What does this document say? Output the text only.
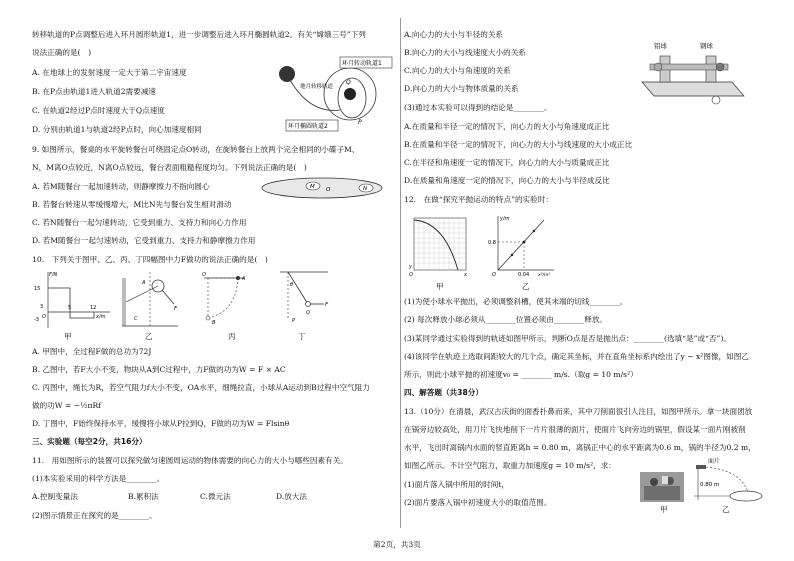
转移轨道的P点调整后进入环月圆形轨道1，进一步调整后进入环月椭圆轨道2。有关“嫦娥三号”下列
说法正确的是(　)
A. 在地球上的发射速度一定大于第二宇宙速度
B. 在P点由轨道1进入轨道2需要减速
C. 在轨道2经过P点时速度大于Q点速度
D. 分别由轨道1与轨道2经P点时，向心加速度相同
环月转动轨道1
地月转移轨道
环月椭圆轨道2
Q
P
9. 如图所示，餐桌的水平旋转餐台可绕固定点O转动，在旋转餐台上放两个完全相同的小碟子M、
N，M离O点较近，N离O点较远，餐台表面粗糙程度均匀。下列说法正确的是(　)
A. 若M随餐台一起加速转动，则静摩擦力不指向圆心
B. 若餐台转速从零缓慢增大，M比N先与餐台发生相对滑动
C. 若N随餐台一起匀速转动，它受到重力、支持力和向心力作用
D. 若M随餐台一起匀速转动，它受到重力、支持力和静摩擦力作用
M O	N
10.　下列关于图甲、乙、丙、丁四幅图中力F做功的说法正确的是(　)
F/N
15
3
-3
5	12
x/m
O
甲
F
A
C
乙
O
A
B
丙
F
θ
P
Q
丁
A. 甲图中，全过程F做的总功为72J
B. 乙图中，若F大小不变，物块从A到C过程中，力F做的功为W = F × AC
C. 丙图中，绳长为R，若空气阻力f大小不变，OA水平，细绳拉直，小球从A运动到B过程中空气阻力
做的功W = −½πRf
D. 丁图中，F始终保持水平，缓慢将小球从P拉到Q，F做的功为W = Flsinθ
三、实验题（每空2分，共16分）
11.　用如图所示的装置可以探究做匀速圆周运动的物体需要的向心力的大小与哪些因素有关。
(1)本实验采用的科学方法是________。
A.控制变量法	B.累积法	C.微元法	D.放大法
(2)图示情景正在探究的是________。
A.向心力的大小与半径的关系
B.向心力的大小与线速度大小的关系
C.向心力的大小与角速度的关系
D.向心力的大小与物体质量的关系
铝球	钢球
(3)通过本实验可以得到的结论是________。
A.在质量和半径一定的情况下，向心力的大小与角速度成正比
B.在质量和半径一定的情况下，向心力的大小与线速度的大小成正比
C.在半径和角速度一定的情况下，向心力的大小与质量成正比
D.在质量和角速度一定的情况下，向心力的大小与半径成反比
12.　在做“探究平抛运动的特点”的实验时：
O	x
y
甲
y/m
0.8
0.04 x²/m²
O
乙
(1)为使小球水平抛出，必须调整斜槽，使其末端的切线________。
(2) 每次释放小球必须从________位置必须由________释放。
(3)某同学通过实验得到的轨迹如图甲所示，判断O点是否是抛出点：________(选填“是”或“否”)。
(4)该同学在轨迹上选取间距较大的几个点，确定其坐标，并在直角坐标系内绘出了y − x²图像，如图乙
所示，则此小球平抛的初速度v₀ = ________ m/s.（取g = 10 m/s²）
四、解答题（共38分）
13.（10分）在清晨，武汉古庆街的面香扑鼻而来，其中刀削面很引人注目，如图甲所示。拿一块面团放
在锅旁边较高处，用刀片飞快地削下一片片很薄的面片，使面片飞向旁边的锅里，假设某一面片刚被削
水平，飞出时离锅内水面的竖直距离h = 0.80 m，离锅正中心的水平距离为0.6 m，锅的半径为0.2 m，
如图乙所示。不计空气阻力，取重力加速度g = 10 m/s²，求：
(1)面片落入锅中所用的时间t，
(2)面片要落入锅中初速度大小的取值范围。
甲
面片
0.80 m
乙
第2页，共3页
